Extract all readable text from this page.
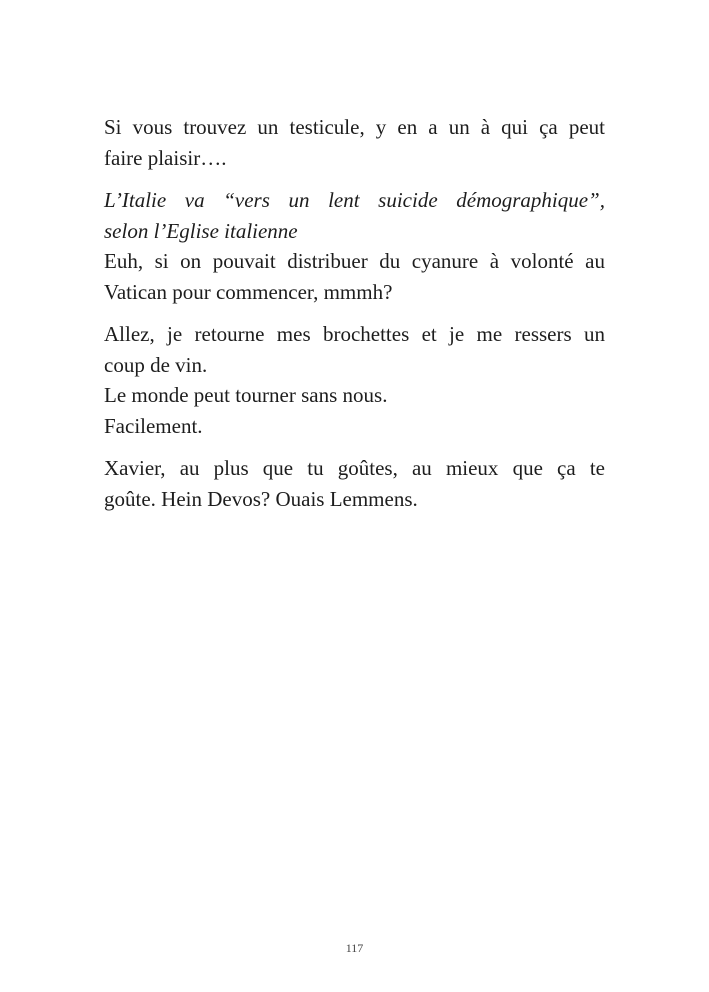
Si vous trouvez un testicule, y en a un à qui ça peut
faire plaisir….

L’Italie va “vers un lent suicide démographique”,
selon l’Eglise italienne
Euh, si on pouvait distribuer du cyanure à volonté au
Vatican pour commencer, mmmh?

Allez, je retourne mes brochettes et je me ressers un
coup de vin.
Le monde peut tourner sans nous.
Facilement.

Xavier, au plus que tu goûtes, au mieux que ça te
goûte. Hein Devos? Ouais Lemmens.

117
